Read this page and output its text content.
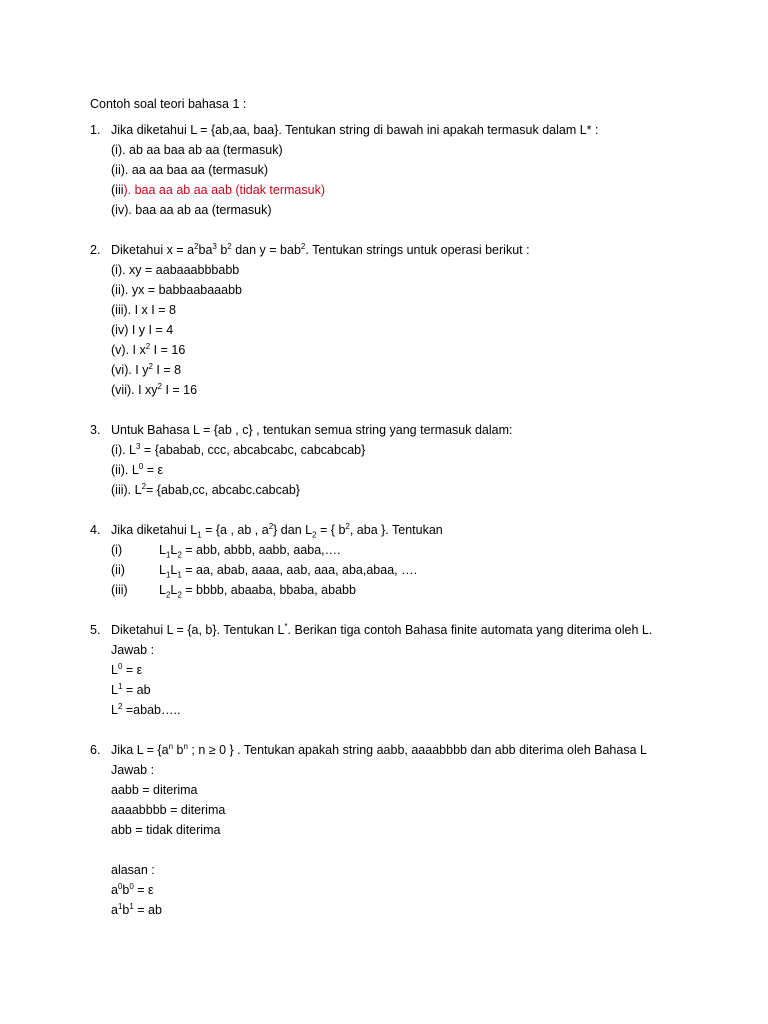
Contoh soal teori bahasa 1 :
1. Jika diketahui L = {ab,aa, baa}. Tentukan string di bawah ini apakah termasuk dalam L* :
(i). ab aa baa ab aa (termasuk)
(ii). aa aa baa aa (termasuk)
(iii). baa aa ab aa aab (tidak termasuk)
(iv). baa aa ab aa (termasuk)
2. Diketahui $x = a^2ba^3$ $b^2$ dan y = bab$^2$. Tentukan strings untuk operasi berikut :
(i). xy = aabaaabbbabb
(ii). yx = babbaabaaabb
(iii). I x I = 8
(iv) I y I = 4
(v). I $x^2$ I = 16
(vi). I $y^2$ I = 8
(vii). I $xy^2$ I = 16
3. Untuk Bahasa L = {ab , c} , tentukan semua string yang termasuk dalam:
(i). $L^3$ = {ababab, ccc, abcabcabc, cabcabcab}
(ii). $L^0 = \varepsilon$
(iii). $L^2=$ {abab,cc, abcabc.cabcab}
4. Jika diketahui $L_1 = \{a$ , ab , $a^2$} dan $L_2$ = { $b^2$, aba }. Tentukan
(i)	$L_1L_2$ = abb, abbb, aabb, aaba,….
(ii)	$L_1L_1$ = aa, abab, aaaa, aab, aaa, aba,abaa, ….
(iii)	$L_2L_2$ = bbbb, abaaba, bbaba, ababb
5. Diketahui L = {a, b}. Tentukan L*. Berikan tiga contoh Bahasa finite automata yang diterima oleh L.
Jawab :
$L^0 = \varepsilon$
$L^1$ = ab
$L^2$ =abab…..
6. Jika $L = \{a^n$ $b^n$ ; n ≥ 0 } . Tentukan apakah string aabb, aaaabbbb dan abb diterima oleh Bahasa L
Jawab :
aabb = diterima
aaaabbbb = diterima
abb = tidak diterima
alasan :
$a^0b^0 = \varepsilon$
$a^1b^1$ = ab
